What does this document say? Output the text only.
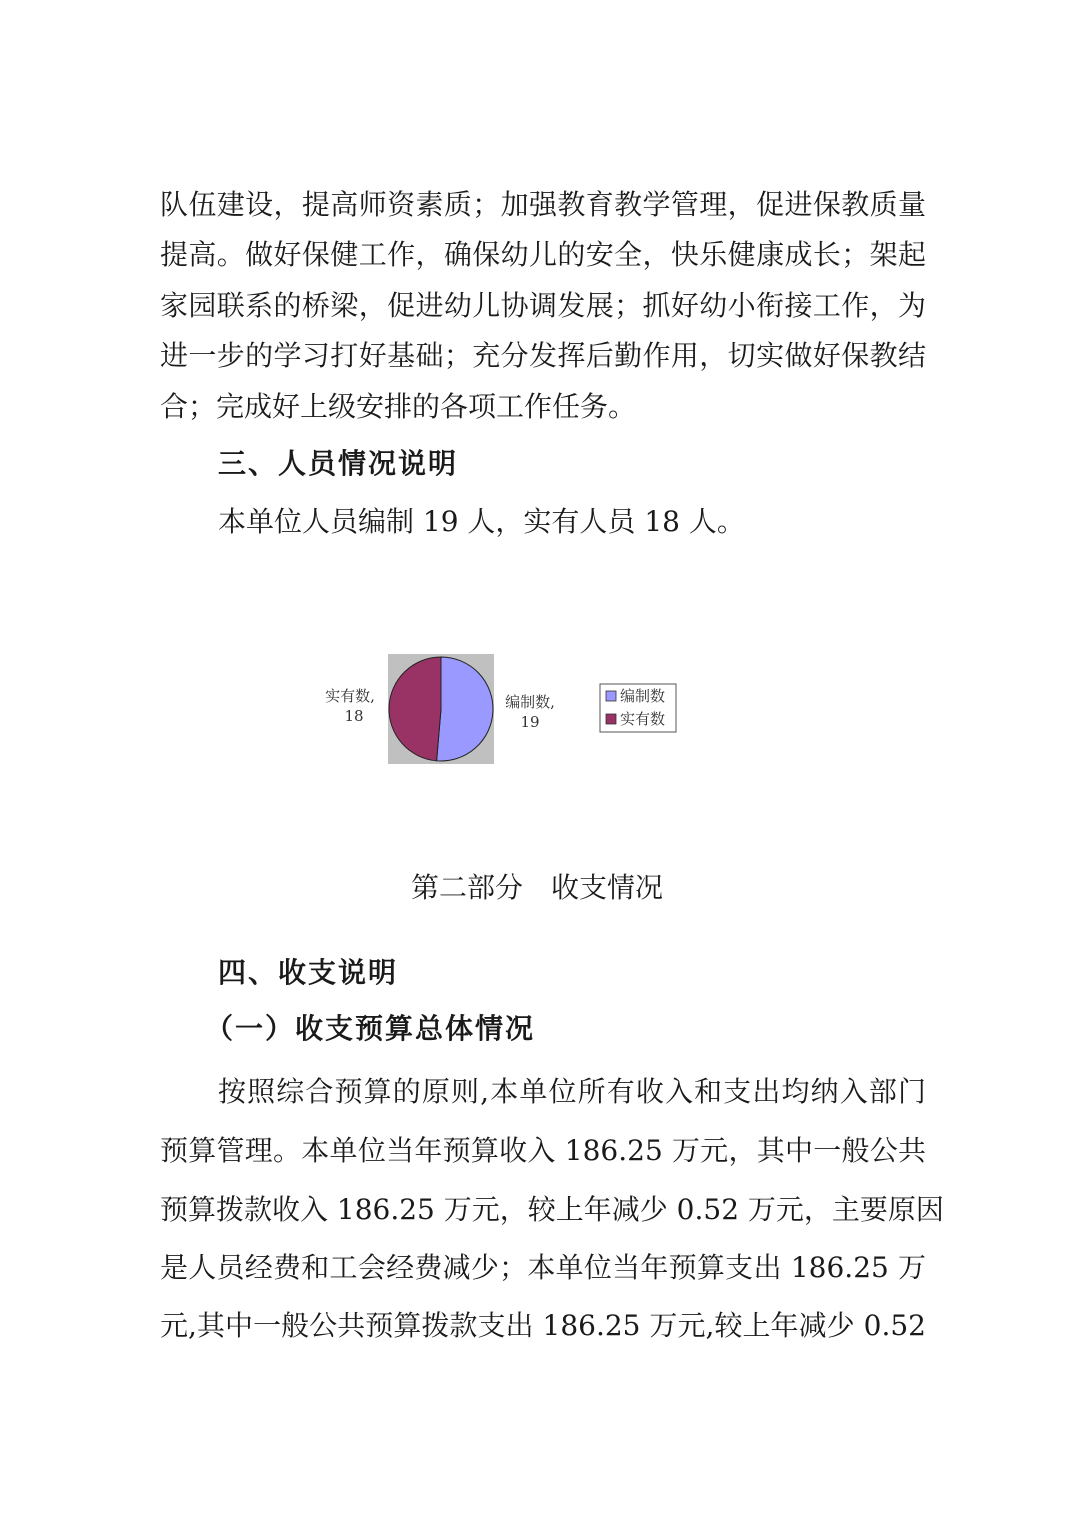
队伍建设，提高师资素质；加强教育教学管理，促进保教质量
提高。做好保健工作，确保幼儿的安全，快乐健康成长；架起
家园联系的桥梁，促进幼儿协调发展；抓好幼小衔接工作，为
进一步的学习打好基础；充分发挥后勤作用，切实做好保教结
合；完成好上级安排的各项工作任务。
三、人员情况说明
本单位人员编制 19 人，实有人员 18 人。
实有数,
18
编制数,
19
编制数
实有数
第二部分　收支情况
四、收支说明
（一）收支预算总体情况
按照综合预算的原则,本单位所有收入和支出均纳入部门
预算管理。本单位当年预算收入 186.25 万元，其中一般公共
预算拨款收入 186.25 万元，较上年减少 0.52 万元，主要原因
是人员经费和工会经费减少；本单位当年预算支出 186.25 万
元,其中一般公共预算拨款支出 186.25 万元,较上年减少 0.52
